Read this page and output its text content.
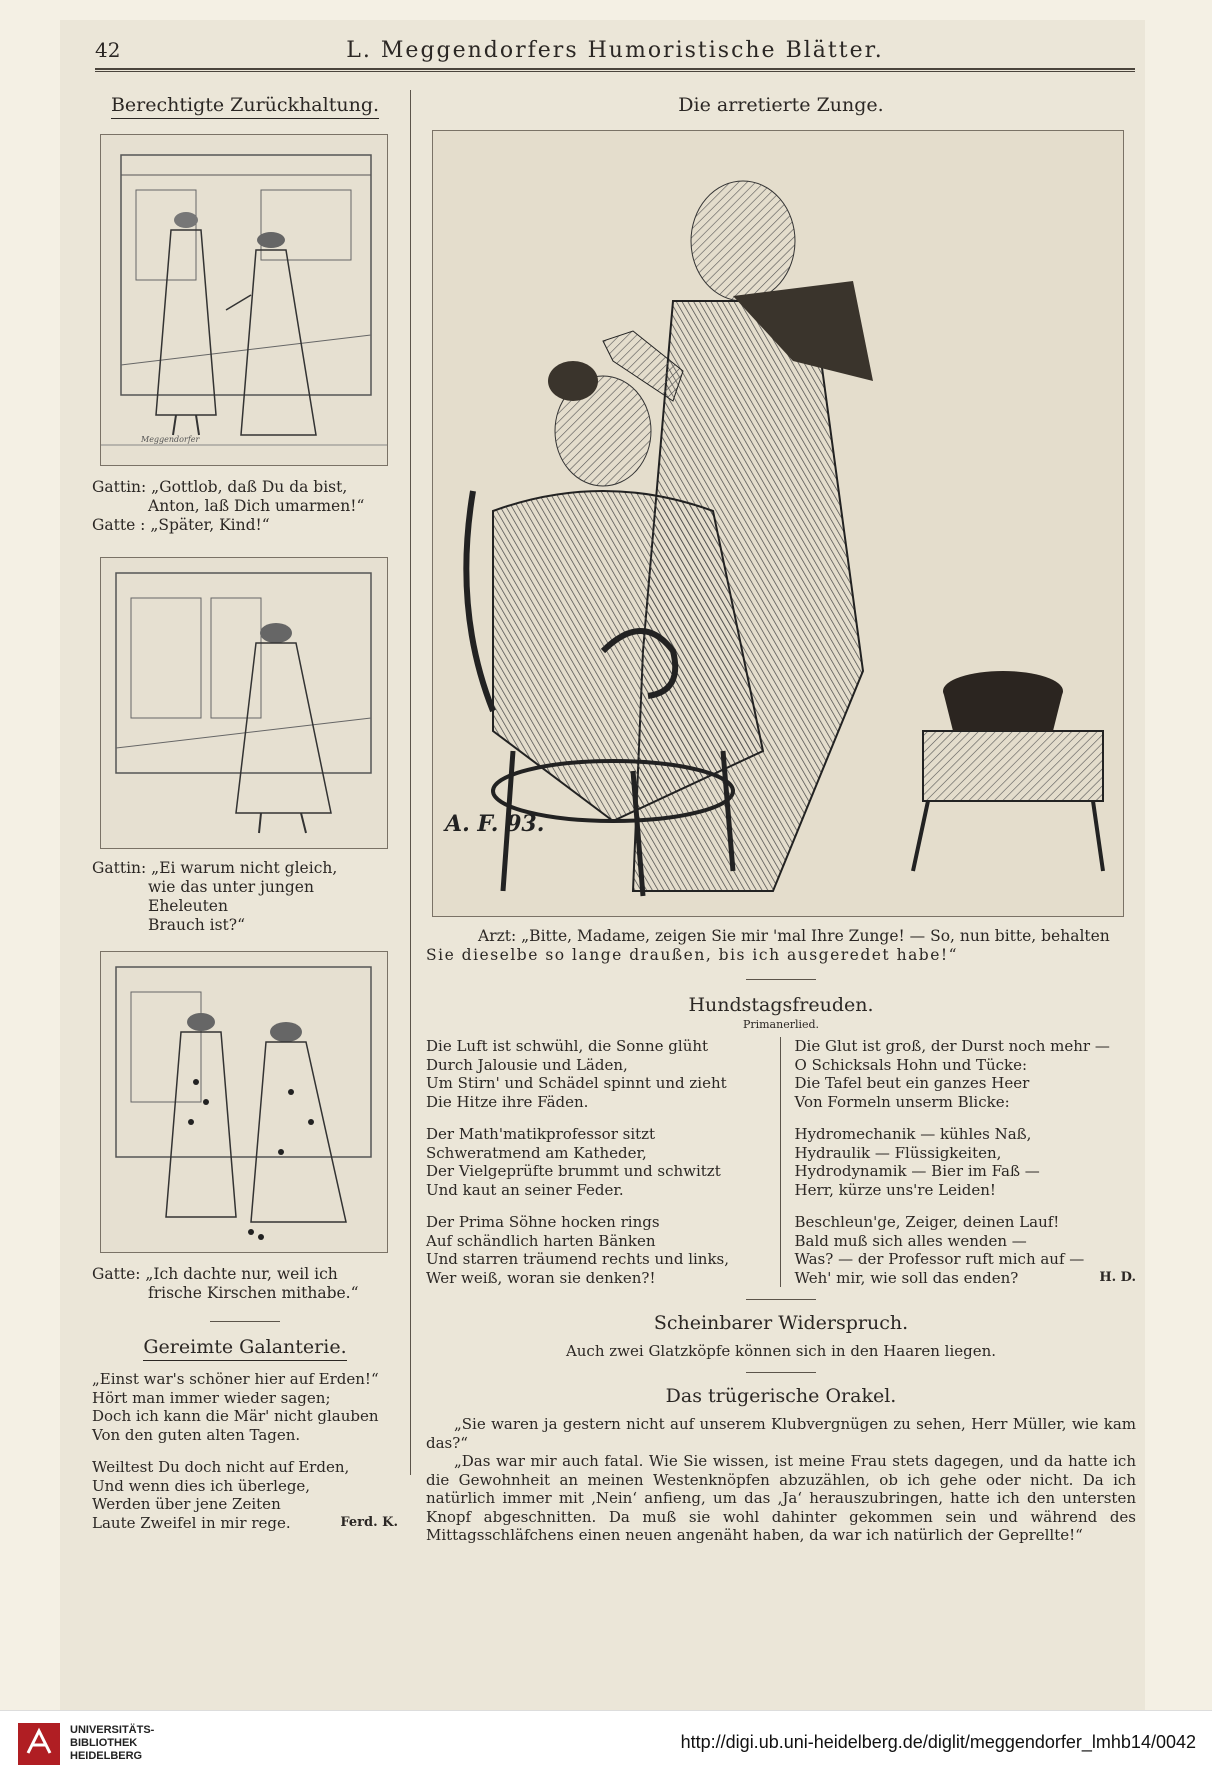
42	L. Meggendorfers Humoristische Blätter.
Berechtigte Zurückhaltung.
Meggendorfer

Gattin: „Gottlob, daß Du da bist,

Anton, laß Dich umarmen!“

Gatte : „Später, Kind!“

Gattin: „Ei warum nicht gleich,

wie das unter jungen Eheleuten

Brauch ist?“

Gatte: „Ich dachte nur, weil ich

frische Kirschen mithabe.“

Gereimte Galanterie.

„Einst war's schöner hier auf Erden!“

Hört man immer wieder sagen;

Doch ich kann die Mär' nicht glauben

Von den guten alten Tagen.

Weiltest Du doch nicht auf Erden,

Und wenn dies ich überlege,

Werden über jene Zeiten

Laute Zweifel in mir rege.	Ferd. K.

Die arretierte Zunge.
A. F. 93.

Arzt: „Bitte, Madame, zeigen Sie mir 'mal Ihre Zunge! — So, nun bitte, behalten

Sie dieselbe so lange draußen, bis ich ausgeredet habe!“

Hundstagsfreuden.
Primanerlied.

Die Luft ist schwühl, die Sonne glüht

Durch Jalousie und Läden,

Um Stirn' und Schädel spinnt und zieht

Die Hitze ihre Fäden.

Der Math'matikprofessor sitzt

Schweratmend am Katheder,

Der Vielgeprüfte brummt und schwitzt

Und kaut an seiner Feder.

Der Prima Söhne hocken rings

Auf schändlich harten Bänken

Und starren träumend rechts und links,

Wer weiß, woran sie denken?!

Die Glut ist groß, der Durst noch mehr —

O Schicksals Hohn und Tücke:

Die Tafel beut ein ganzes Heer

Von Formeln unserm Blicke:

Hydromechanik — kühles Naß,

Hydraulik — Flüssigkeiten,

Hydrodynamik — Bier im Faß —

Herr, kürze uns're Leiden!

Beschleun'ge, Zeiger, deinen Lauf!

Bald muß sich alles wenden —

Was? — der Professor ruft mich auf —

Weh' mir, wie soll das enden?	H. D.

Scheinbarer Widerspruch.
Auch zwei Glatzköpfe können sich in den Haaren liegen.
Das trügerische Orakel.

„Sie waren ja gestern nicht auf unserem Klubvergnügen zu sehen, Herr Müller, wie kam das?“

„Das war mir auch fatal. Wie Sie wissen, ist meine Frau stets dagegen, und da hatte ich die Gewohnheit an meinen Westenknöpfen abzuzählen, ob ich gehe oder nicht. Da ich natürlich immer mit ‚Nein‘ anfieng, um das ‚Ja‘ herauszubringen, hatte ich den untersten Knopf abgeschnitten. Da muß sie wohl dahinter gekommen sein und während des Mittagsschläfchens einen neuen angenäht haben, da war ich natürlich der Geprellte!“

UNIVERSITÄTS-

BIBLIOTHEK

HEIDELBERG

http://digi.ub.uni-heidelberg.de/diglit/meggendorfer_lmhb14/0042
